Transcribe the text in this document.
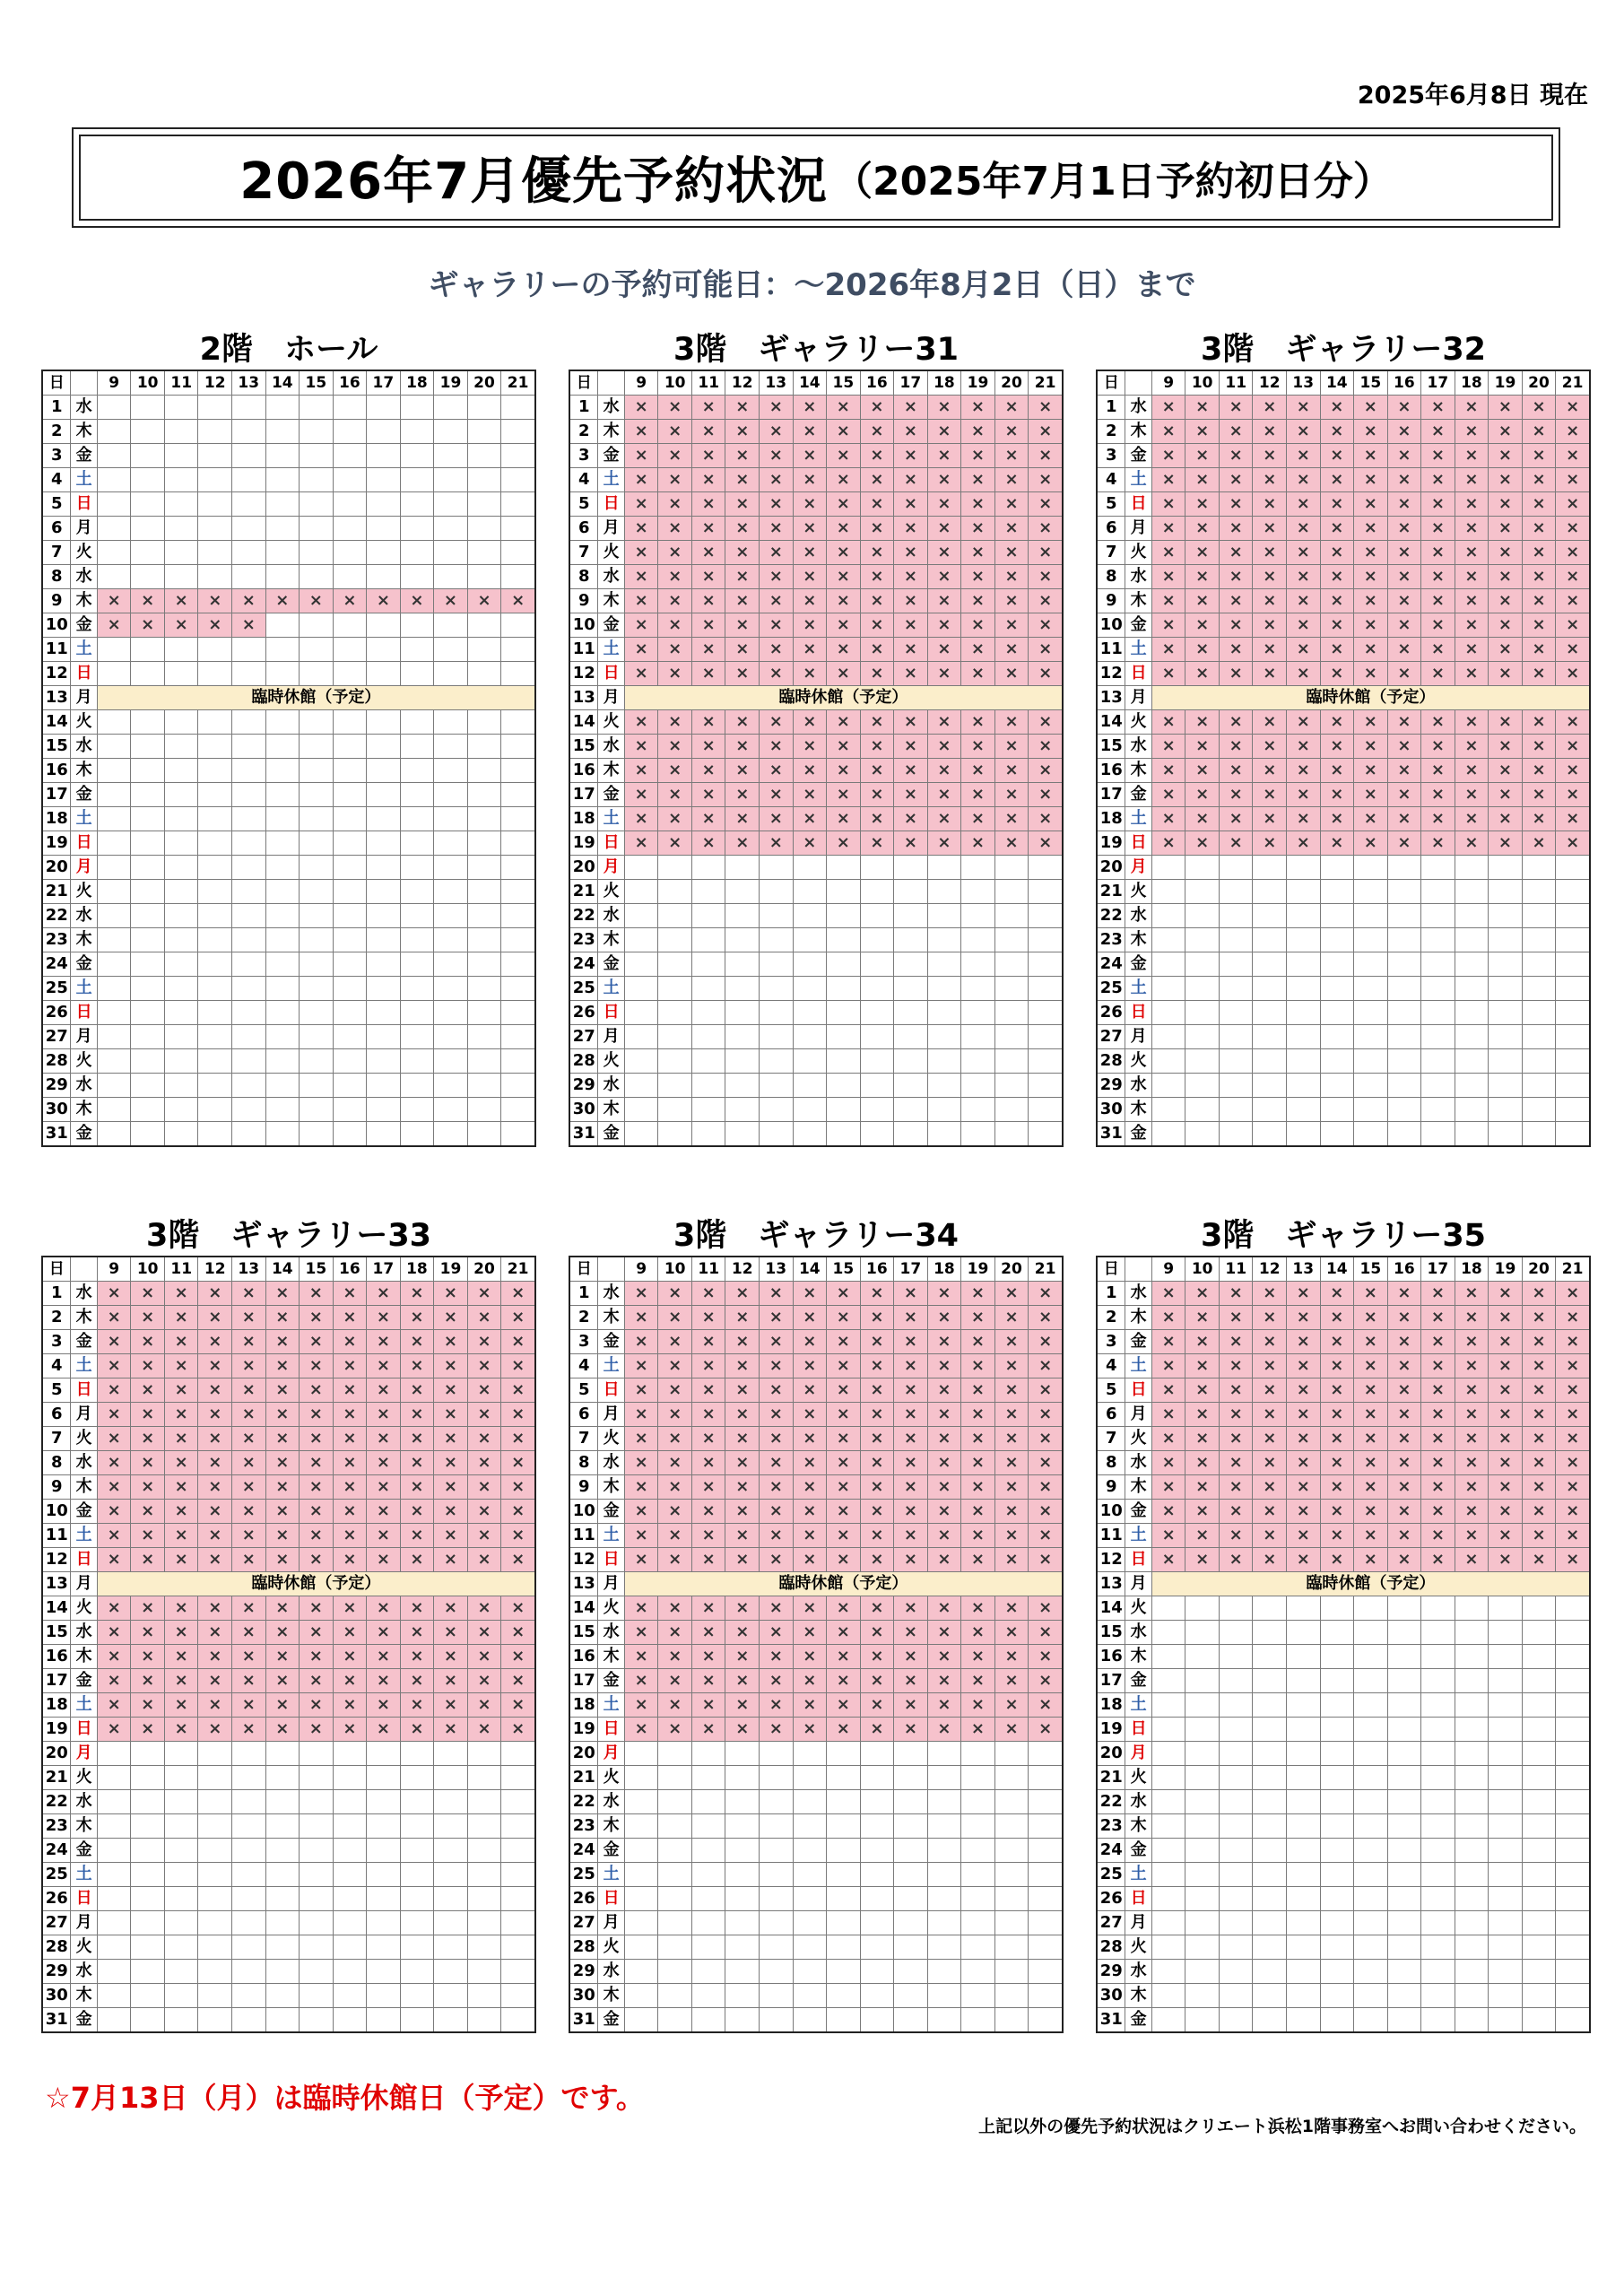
2025年6月8日 現在
2026年7月優先予約状況 （2025年7月1日予約初日分）
ギャラリーの予約可能日：～2026年8月2日（日）まで
2階　ホール
日		9	10	11	12	13	14	15	16	17	18	19	20	21
1	水													
2	木													
3	金													
4	土													
5	日													
6	月													
7	火													
8	水													
9	木	×	×	×	×	×	×	×	×	×	×	×	×	×
10	金	×	×	×	×	×								
11	土													
12	日													
13	月	臨時休館（予定）												
14	火													
15	水													
16	木													
17	金													
18	土													
19	日													
20	月													
21	火													
22	水													
23	木													
24	金													
25	土													
26	日													
27	月													
28	火													
29	水													
30	木													
31	金													
3階　ギャラリー31
日		9	10	11	12	13	14	15	16	17	18	19	20	21
1	水	×	×	×	×	×	×	×	×	×	×	×	×	×
2	木	×	×	×	×	×	×	×	×	×	×	×	×	×
3	金	×	×	×	×	×	×	×	×	×	×	×	×	×
4	土	×	×	×	×	×	×	×	×	×	×	×	×	×
5	日	×	×	×	×	×	×	×	×	×	×	×	×	×
6	月	×	×	×	×	×	×	×	×	×	×	×	×	×
7	火	×	×	×	×	×	×	×	×	×	×	×	×	×
8	水	×	×	×	×	×	×	×	×	×	×	×	×	×
9	木	×	×	×	×	×	×	×	×	×	×	×	×	×
10	金	×	×	×	×	×	×	×	×	×	×	×	×	×
11	土	×	×	×	×	×	×	×	×	×	×	×	×	×
12	日	×	×	×	×	×	×	×	×	×	×	×	×	×
13	月	臨時休館（予定）												
14	火	×	×	×	×	×	×	×	×	×	×	×	×	×
15	水	×	×	×	×	×	×	×	×	×	×	×	×	×
16	木	×	×	×	×	×	×	×	×	×	×	×	×	×
17	金	×	×	×	×	×	×	×	×	×	×	×	×	×
18	土	×	×	×	×	×	×	×	×	×	×	×	×	×
19	日	×	×	×	×	×	×	×	×	×	×	×	×	×
20	月													
21	火													
22	水													
23	木													
24	金													
25	土													
26	日													
27	月													
28	火													
29	水													
30	木													
31	金													
3階　ギャラリー32
日		9	10	11	12	13	14	15	16	17	18	19	20	21
1	水	×	×	×	×	×	×	×	×	×	×	×	×	×
2	木	×	×	×	×	×	×	×	×	×	×	×	×	×
3	金	×	×	×	×	×	×	×	×	×	×	×	×	×
4	土	×	×	×	×	×	×	×	×	×	×	×	×	×
5	日	×	×	×	×	×	×	×	×	×	×	×	×	×
6	月	×	×	×	×	×	×	×	×	×	×	×	×	×
7	火	×	×	×	×	×	×	×	×	×	×	×	×	×
8	水	×	×	×	×	×	×	×	×	×	×	×	×	×
9	木	×	×	×	×	×	×	×	×	×	×	×	×	×
10	金	×	×	×	×	×	×	×	×	×	×	×	×	×
11	土	×	×	×	×	×	×	×	×	×	×	×	×	×
12	日	×	×	×	×	×	×	×	×	×	×	×	×	×
13	月	臨時休館（予定）												
14	火	×	×	×	×	×	×	×	×	×	×	×	×	×
15	水	×	×	×	×	×	×	×	×	×	×	×	×	×
16	木	×	×	×	×	×	×	×	×	×	×	×	×	×
17	金	×	×	×	×	×	×	×	×	×	×	×	×	×
18	土	×	×	×	×	×	×	×	×	×	×	×	×	×
19	日	×	×	×	×	×	×	×	×	×	×	×	×	×
20	月													
21	火													
22	水													
23	木													
24	金													
25	土													
26	日													
27	月													
28	火													
29	水													
30	木													
31	金													
3階　ギャラリー33
日		9	10	11	12	13	14	15	16	17	18	19	20	21
1	水	×	×	×	×	×	×	×	×	×	×	×	×	×
2	木	×	×	×	×	×	×	×	×	×	×	×	×	×
3	金	×	×	×	×	×	×	×	×	×	×	×	×	×
4	土	×	×	×	×	×	×	×	×	×	×	×	×	×
5	日	×	×	×	×	×	×	×	×	×	×	×	×	×
6	月	×	×	×	×	×	×	×	×	×	×	×	×	×
7	火	×	×	×	×	×	×	×	×	×	×	×	×	×
8	水	×	×	×	×	×	×	×	×	×	×	×	×	×
9	木	×	×	×	×	×	×	×	×	×	×	×	×	×
10	金	×	×	×	×	×	×	×	×	×	×	×	×	×
11	土	×	×	×	×	×	×	×	×	×	×	×	×	×
12	日	×	×	×	×	×	×	×	×	×	×	×	×	×
13	月	臨時休館（予定）												
14	火	×	×	×	×	×	×	×	×	×	×	×	×	×
15	水	×	×	×	×	×	×	×	×	×	×	×	×	×
16	木	×	×	×	×	×	×	×	×	×	×	×	×	×
17	金	×	×	×	×	×	×	×	×	×	×	×	×	×
18	土	×	×	×	×	×	×	×	×	×	×	×	×	×
19	日	×	×	×	×	×	×	×	×	×	×	×	×	×
20	月													
21	火													
22	水													
23	木													
24	金													
25	土													
26	日													
27	月													
28	火													
29	水													
30	木													
31	金													
3階　ギャラリー34
日		9	10	11	12	13	14	15	16	17	18	19	20	21
1	水	×	×	×	×	×	×	×	×	×	×	×	×	×
2	木	×	×	×	×	×	×	×	×	×	×	×	×	×
3	金	×	×	×	×	×	×	×	×	×	×	×	×	×
4	土	×	×	×	×	×	×	×	×	×	×	×	×	×
5	日	×	×	×	×	×	×	×	×	×	×	×	×	×
6	月	×	×	×	×	×	×	×	×	×	×	×	×	×
7	火	×	×	×	×	×	×	×	×	×	×	×	×	×
8	水	×	×	×	×	×	×	×	×	×	×	×	×	×
9	木	×	×	×	×	×	×	×	×	×	×	×	×	×
10	金	×	×	×	×	×	×	×	×	×	×	×	×	×
11	土	×	×	×	×	×	×	×	×	×	×	×	×	×
12	日	×	×	×	×	×	×	×	×	×	×	×	×	×
13	月	臨時休館（予定）												
14	火	×	×	×	×	×	×	×	×	×	×	×	×	×
15	水	×	×	×	×	×	×	×	×	×	×	×	×	×
16	木	×	×	×	×	×	×	×	×	×	×	×	×	×
17	金	×	×	×	×	×	×	×	×	×	×	×	×	×
18	土	×	×	×	×	×	×	×	×	×	×	×	×	×
19	日	×	×	×	×	×	×	×	×	×	×	×	×	×
20	月													
21	火													
22	水													
23	木													
24	金													
25	土													
26	日													
27	月													
28	火													
29	水													
30	木													
31	金													
3階　ギャラリー35
日		9	10	11	12	13	14	15	16	17	18	19	20	21
1	水	×	×	×	×	×	×	×	×	×	×	×	×	×
2	木	×	×	×	×	×	×	×	×	×	×	×	×	×
3	金	×	×	×	×	×	×	×	×	×	×	×	×	×
4	土	×	×	×	×	×	×	×	×	×	×	×	×	×
5	日	×	×	×	×	×	×	×	×	×	×	×	×	×
6	月	×	×	×	×	×	×	×	×	×	×	×	×	×
7	火	×	×	×	×	×	×	×	×	×	×	×	×	×
8	水	×	×	×	×	×	×	×	×	×	×	×	×	×
9	木	×	×	×	×	×	×	×	×	×	×	×	×	×
10	金	×	×	×	×	×	×	×	×	×	×	×	×	×
11	土	×	×	×	×	×	×	×	×	×	×	×	×	×
12	日	×	×	×	×	×	×	×	×	×	×	×	×	×
13	月	臨時休館（予定）												
14	火													
15	水													
16	木													
17	金													
18	土													
19	日													
20	月													
21	火													
22	水													
23	木													
24	金													
25	土													
26	日													
27	月													
28	火													
29	水													
30	木													
31	金													
☆7月13日（月）は臨時休館日（予定）です。
上記以外の優先予約状況はクリエート浜松1階事務室へお問い合わせください。
